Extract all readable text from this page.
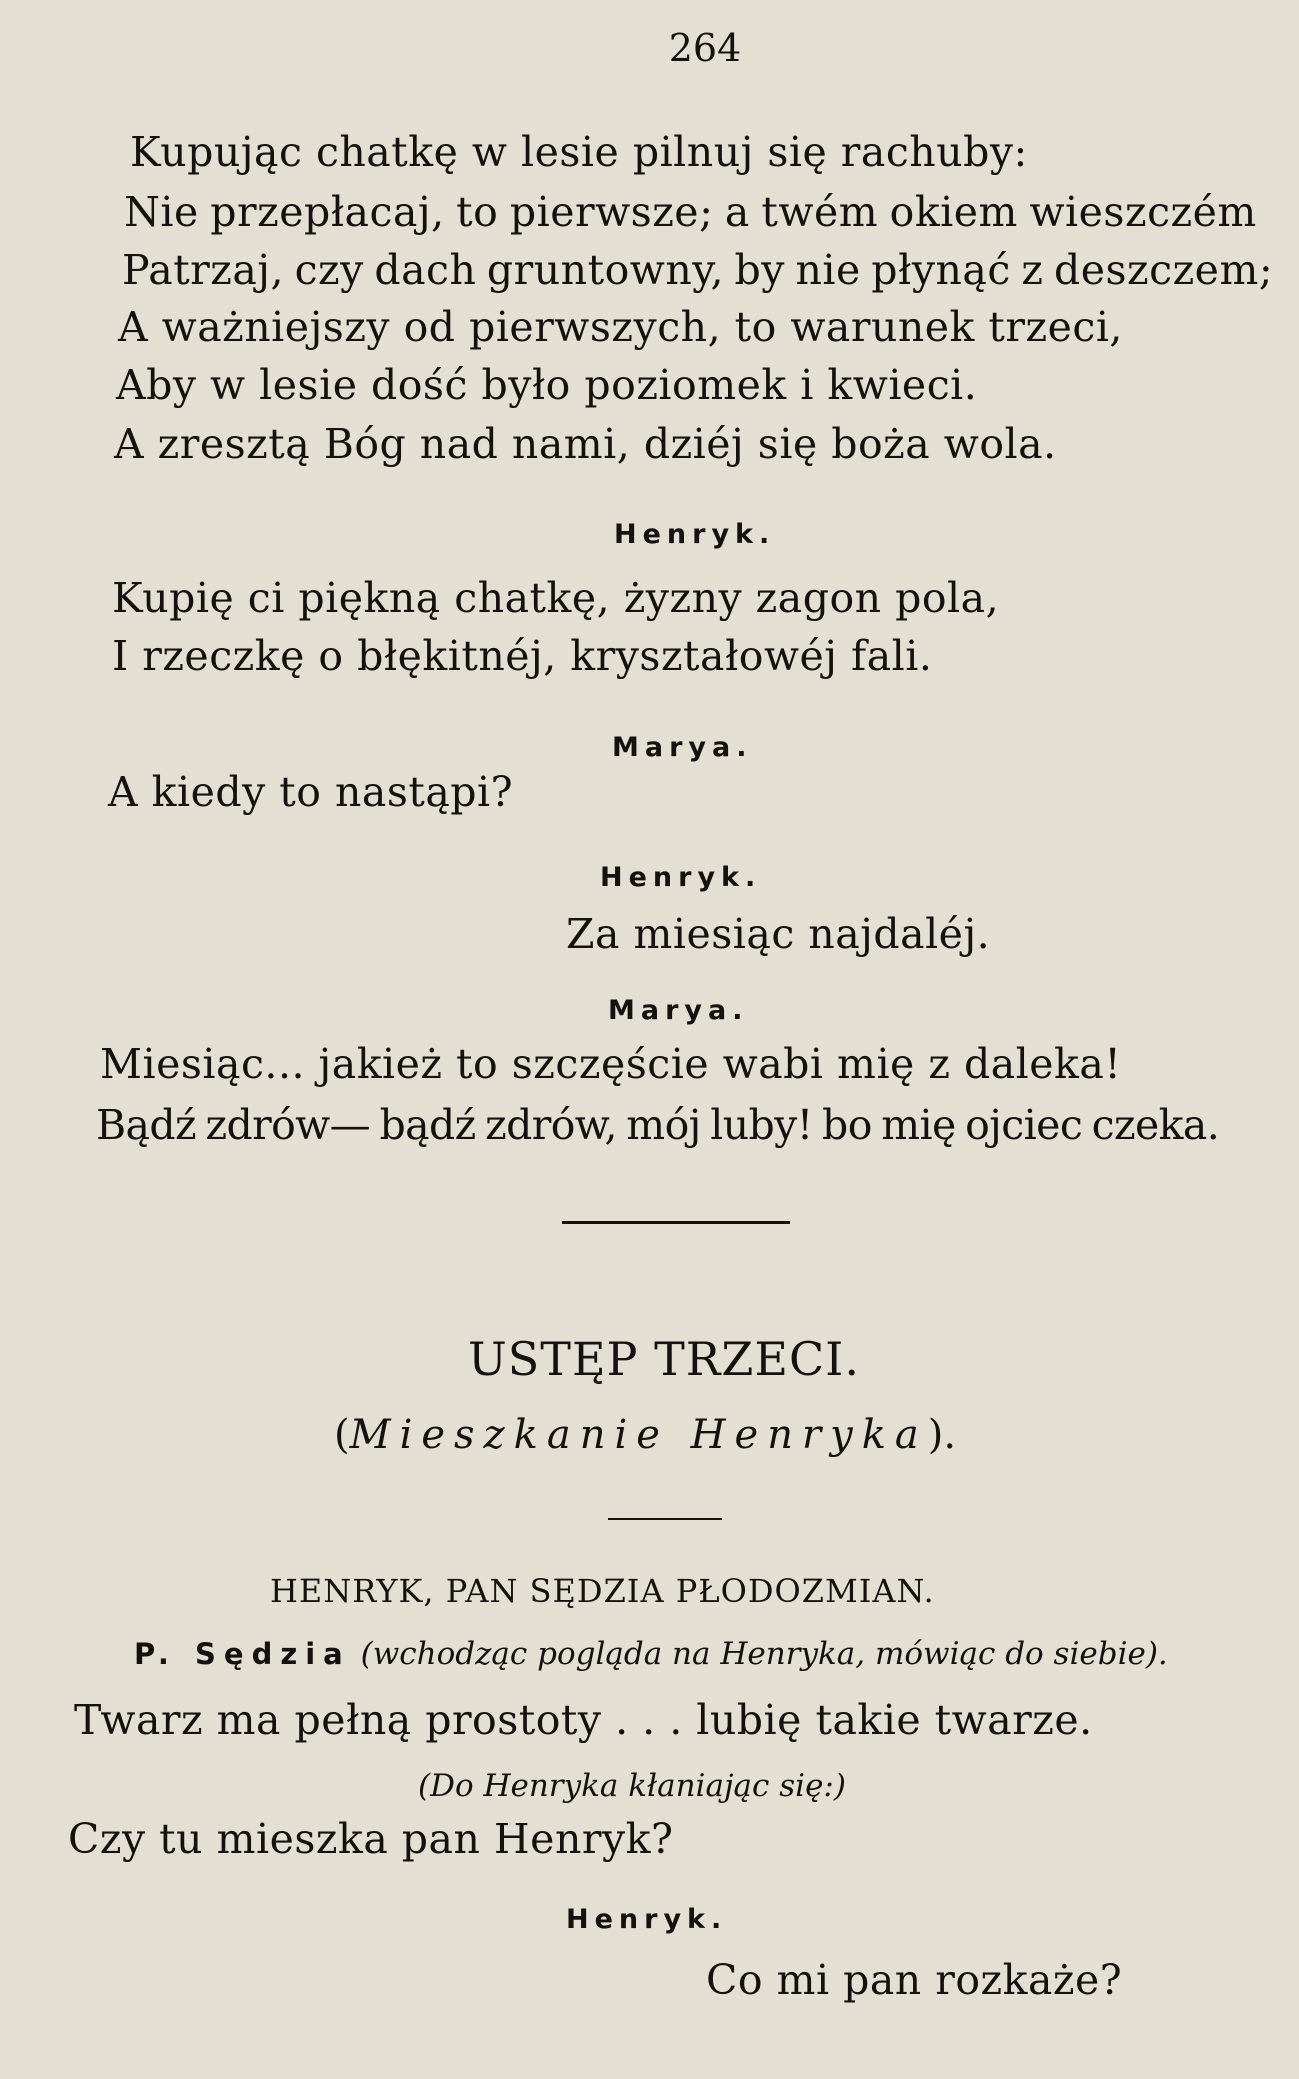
264
Kupując chatkę w lesie pilnuj się rachuby:
Nie przepłacaj, to pierwsze; a twém okiem wieszczém
Patrzaj, czy dach gruntowny, by nie płynąć z deszczem;
A ważniejszy od pierwszych, to warunek trzeci,
Aby w lesie dość było poziomek i kwieci.
A zresztą Bóg nad nami, dziéj się boża wola.
Henryk.
Kupię ci piękną chatkę, żyzny zagon pola,
I rzeczkę o błękitnéj, kryształowéj fali.
Marya.
A kiedy to nastąpi?
Henryk.
Za miesiąc najdaléj.
Marya.
Miesiąc... jakież to szczęście wabi mię z daleka!
Bądź zdrów— bądź zdrów, mój luby! bo mię ojciec czeka.
USTĘP TRZECI.
(Mieszkanie Henryka).
HENRYK, PAN SĘDZIA PŁODOZMIAN.
P. Sędzia (wchodząc pogląda na Henryka, mówiąc do siebie).
Twarz ma pełną prostoty . . . lubię takie twarze.
(Do Henryka kłaniając się:)
Czy tu mieszka pan Henryk?
Henryk.
Co mi pan rozkaże?
